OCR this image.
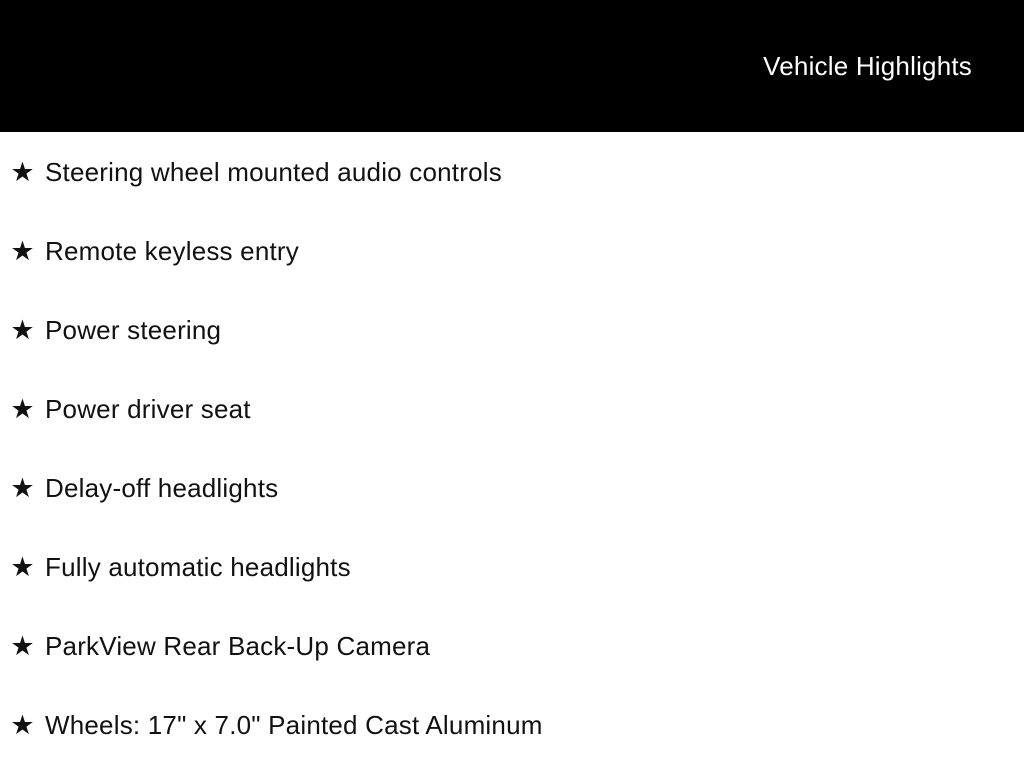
Vehicle Highlights
★ Steering wheel mounted audio controls
★ Remote keyless entry
★ Power steering
★ Power driver seat
★ Delay-off headlights
★ Fully automatic headlights
★ ParkView Rear Back-Up Camera
★ Wheels: 17" x 7.0" Painted Cast Aluminum
